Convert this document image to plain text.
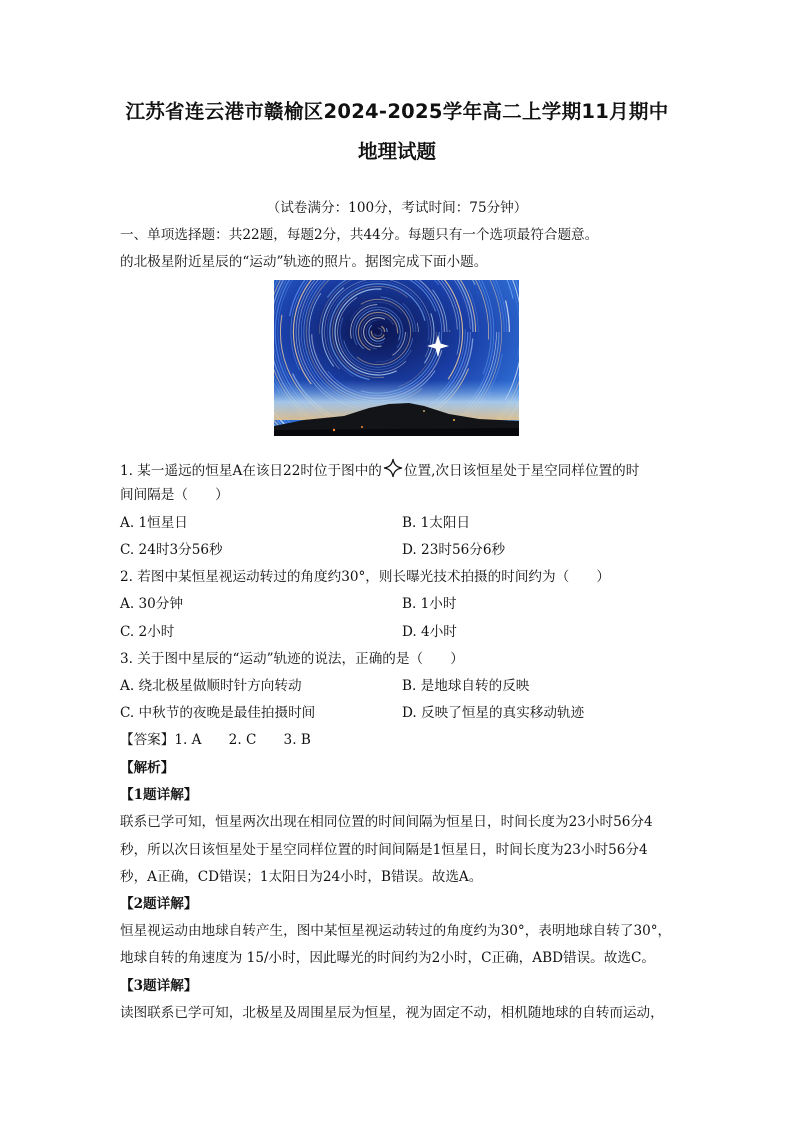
江苏省连云港市赣榆区2024-2025学年高二上学期11月期中
地理试题
（试卷满分：100分，考试时间：75分钟）
一、单项选择题：共22题，每题2分，共44分。每题只有一个选项最符合题意。
的北极星附近星辰的“运动”轨迹的照片。据图完成下面小题。
1. 某一遥远的恒星A在该日22时位于图中的 位置,次日该恒星处于星空同样位置的时
间间隔是（　　）
A. 1恒星日	B. 1太阳日
C. 24时3分56秒	D. 23时56分6秒
2. 若图中某恒星视运动转过的角度约30°，则长曝光技术拍摄的时间约为（　　）
A. 30分钟	B. 1小时
C. 2小时	D. 4小时
3. 关于图中星辰的“运动”轨迹的说法，正确的是（　　）
A. 绕北极星做顺时针方向转动	B. 是地球自转的反映
C. 中秋节的夜晚是最佳拍摄时间	D. 反映了恒星的真实移动轨迹
【答案】1. A　　2. C　　3. B
【解析】
【1题详解】
联系已学可知，恒星两次出现在相同位置的时间间隔为恒星日，时间长度为23小时56分4
秒，所以次日该恒星处于星空同样位置的时间间隔是1恒星日，时间长度为23小时56分4
秒，A正确，CD错误；1太阳日为24小时，B错误。故选A。
【2题详解】
恒星视运动由地球自转产生，图中某恒星视运动转过的角度约为30°，表明地球自转了30°，
地球自转的角速度为 15/小时，因此曝光的时间约为2小时，C正确，ABD错误。故选C。
【3题详解】
读图联系已学可知，北极星及周围星辰为恒星，视为固定不动，相机随地球的自转而运动，
